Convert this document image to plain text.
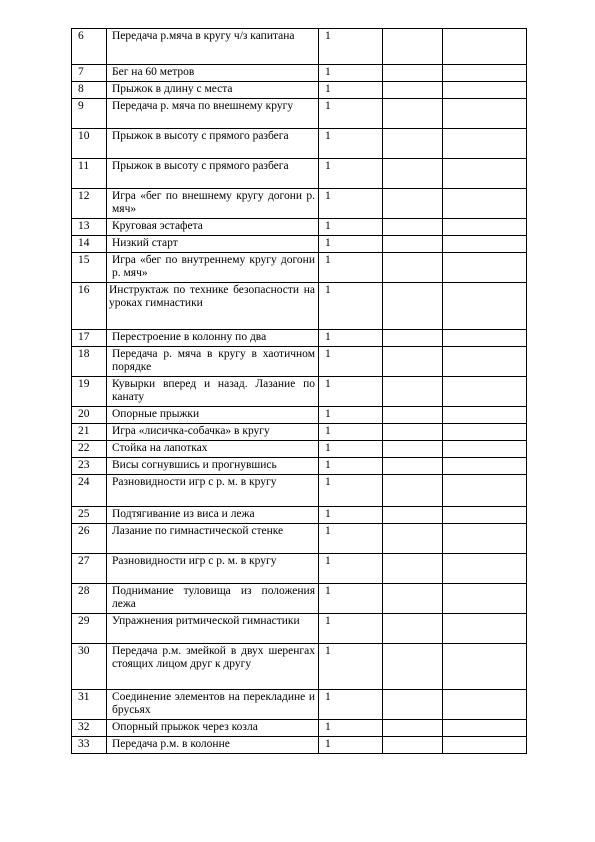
6	Передача р.мяча в кругу ч/з капитана	1		
7	Бег на 60 метров	1		
8	Прыжок в длину с места	1		
9	Передача р. мяча по внешнему кругу	1		
10	Прыжок в высоту с прямого разбега	1		
11	Прыжок в высоту с прямого разбега	1		
12	Игра «бег по внешнему кругу догони р. мяч»	1		
13	Круговая эстафета	1		
14	Низкий старт	1		
15	Игра «бег по внутреннему кругу догони р. мяч»	1		
16	Инструктаж по технике безопасности на уроках гимнастики	1		
17	Перестроение в колонну по два	1		
18	Передача р. мяча в кругу в хаотичном порядке	1		
19	Кувырки вперед и назад. Лазание по канату	1		
20	Опорные прыжки	1		
21	Игра «лисичка-собачка» в кругу	1		
22	Стойка на лапотках	1		
23	Висы согнувшись и прогнувшись	1		
24	Разновидности игр с р. м. в кругу	1		
25	Подтягивание из виса и лежа	1		
26	Лазание по гимнастической стенке	1		
27	Разновидности игр с р. м. в кругу	1		
28	Поднимание туловища из положения лежа	1		
29	Упражнения ритмической гимнастики	1		
30	Передача р.м. змейкой в двух шеренгах стоящих лицом друг к другу	1		
31	Соединение элементов на перекладине и брусьях	1		
32	Опорный прыжок через козла	1		
33	Передача р.м. в колонне	1		
